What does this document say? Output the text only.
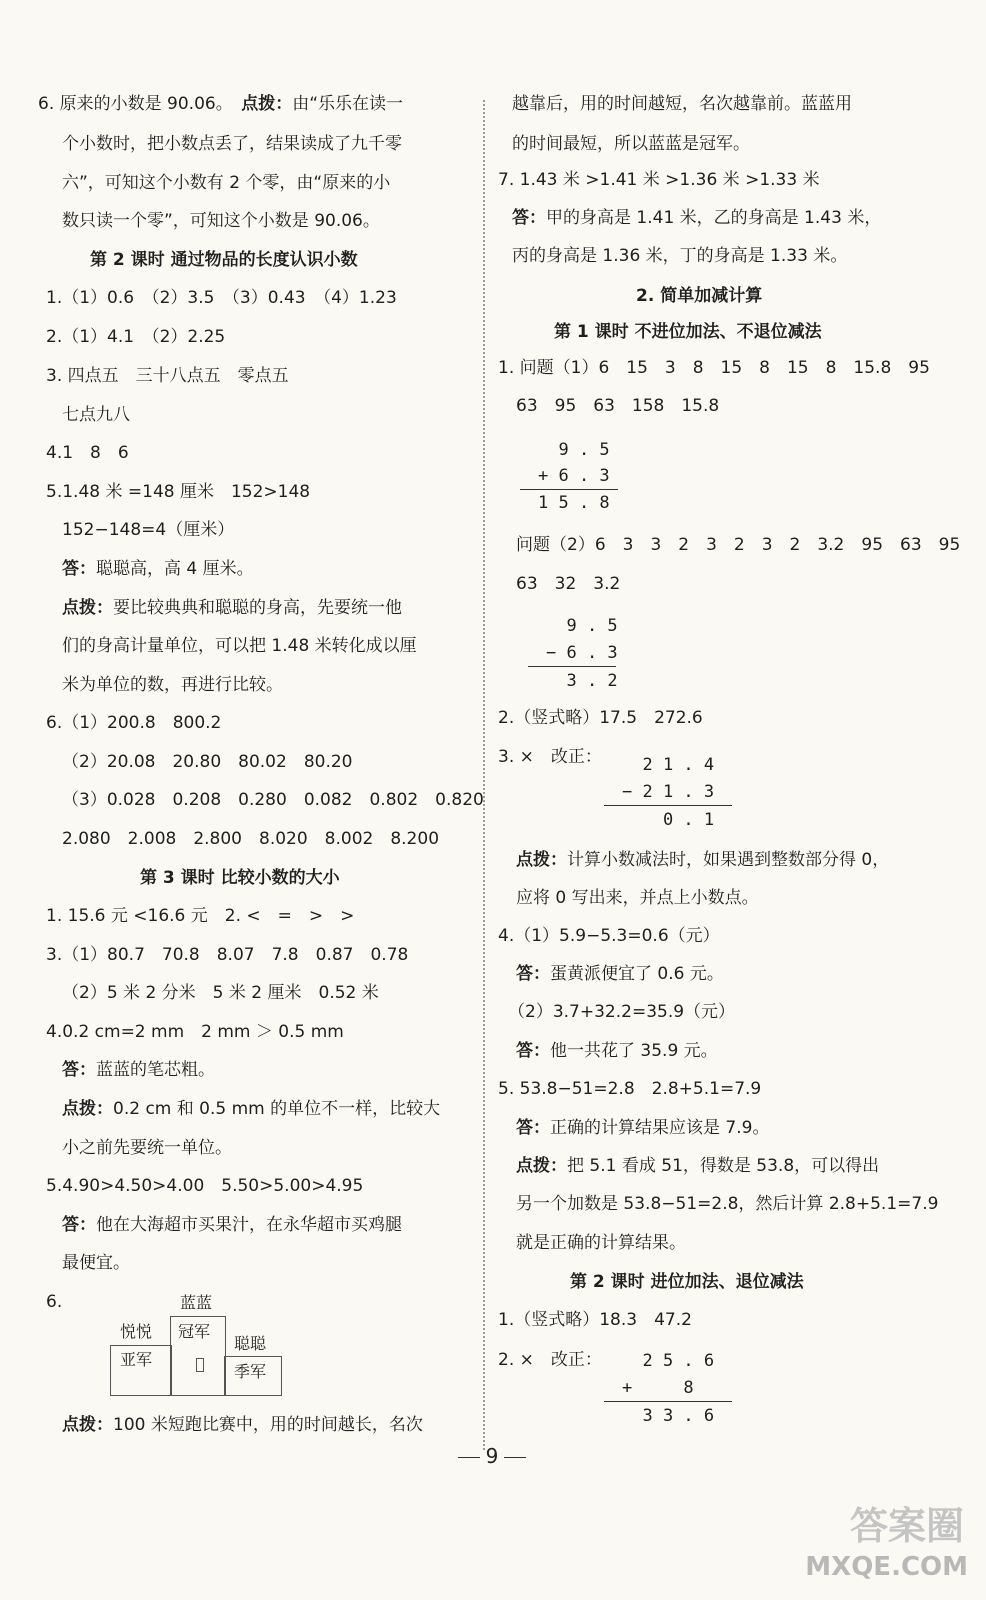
6. 原来的小数是 90.06。　 点拨：由“乐乐在读一
个小数时，把小数点丢了，结果读成了九千零
六”，可知这个小数有 2 个零，由“原来的小
数只读一个零”，可知这个小数是 90.06。
第 2 课时 通过物品的长度认识小数
1.（1）0.6　（2）3.5　（3）0.43　（4）1.23
2.（1）4.1　（2）2.25
3. 四点五　三十八点五　零点五
七点九八
4.1　8　6
5.1.48 米 =148 厘米　152>148
152−148=4（厘米）
答：聪聪高，高 4 厘米。
点拨：要比较典典和聪聪的身高，先要统一他
们的身高计量单位，可以把 1.48 米转化成以厘
米为单位的数，再进行比较。
6.（1）200.8　800.2
（2）20.08　20.80　80.02　80.20
（3）0.028　0.208　0.280　0.082　0.802　0.820
2.080　2.008　2.800　8.020　8.002　8.200
第 3 课时 比较小数的大小
1. 15.6 元 <16.6 元　2. <　=　>　>
3.（1）80.7　70.8　8.07　7.8　0.87　0.78
（2）5 米 2 分米　5 米 2 厘米　0.52 米
4.0.2 cm=2 mm　2 mm ＞ 0.5 mm
答：蓝蓝的笔芯粗。
点拨：0.2 cm 和 0.5 mm 的单位不一样，比较大
小之前先要统一单位。
5.4.90>4.50>4.00　5.50>5.00>4.95
答：他在大海超市买果汁，在永华超市买鸡腿
最便宜。
6.	蓝蓝
冠军
悦悦
亚军
聪聪
季军
点拨：100 米短跑比赛中，用的时间越长，名次
越靠后，用的时间越短，名次越靠前。蓝蓝用
的时间最短，所以蓝蓝是冠军。
7. 1.43 米 >1.41 米 >1.36 米 >1.33 米
答：甲的身高是 1.41 米，乙的身高是 1.43 米，
丙的身高是 1.36 米，丁的身高是 1.33 米。
2. 简单加减计算
第 1 课时 不进位加法、不退位减法
1. 问题（1）6　15　3　8　15　8　15　8　15.8　95
63　95　63　158　15.8
9 . 5
+ 6 . 3
1 5 . 8
问题（2）6　3　3　2　3　2　3　2　3.2　95　63　95
63　32　3.2
9 . 5
− 6 . 3
3 . 2
2.（竖式略）17.5　272.6
3. ×　改正： 2 1 . 4
− 2 1 . 3
0 . 1
点拨：计算小数减法时，如果遇到整数部分得 0，
应将 0 写出来，并点上小数点。
4.（1）5.9−5.3=0.6（元）
答：蛋黄派便宜了 0.6 元。
（2）3.7+32.2=35.9（元）
答：他一共花了 35.9 元。
5. 53.8−51=2.8　2.8+5.1=7.9
答：正确的计算结果应该是 7.9。
点拨：把 5.1 看成 51，得数是 53.8，可以得出
另一个加数是 53.8−51=2.8，然后计算 2.8+5.1=7.9
就是正确的计算结果。
第 2 课时 进位加法、退位减法
1.（竖式略）18.3　47.2
2. ×　改正： 2 5 . 6
+     8
3 3 . 6
9
答案圈
MXQE.COM
